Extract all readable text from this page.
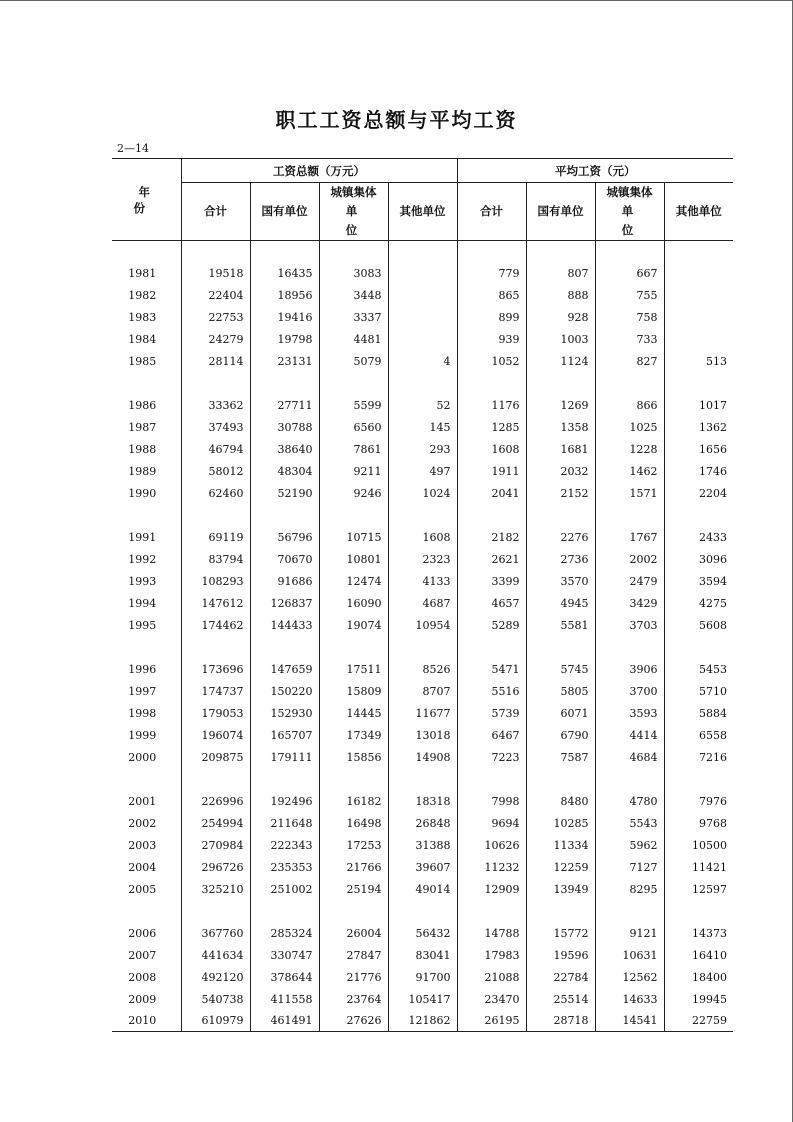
职工工资总额与平均工资
2—14
年 份	工资总额（万元）				平均工资（元）			
	合计	国有单位	城镇集体
单 位	其他单位	合计	国有单位	城镇集体
单 位	其他单位

1981	19518	16435	3083		779	807	667	
1982	22404	18956	3448		865	888	755	
1983	22753	19416	3337		899	928	758	
1984	24279	19798	4481		939	1003	733	
1985	28114	23131	5079	4	1052	1124	827	513

1986	33362	27711	5599	52	1176	1269	866	1017
1987	37493	30788	6560	145	1285	1358	1025	1362
1988	46794	38640	7861	293	1608	1681	1228	1656
1989	58012	48304	9211	497	1911	2032	1462	1746
1990	62460	52190	9246	1024	2041	2152	1571	2204

1991	69119	56796	10715	1608	2182	2276	1767	2433
1992	83794	70670	10801	2323	2621	2736	2002	3096
1993	108293	91686	12474	4133	3399	3570	2479	3594
1994	147612	126837	16090	4687	4657	4945	3429	4275
1995	174462	144433	19074	10954	5289	5581	3703	5608

1996	173696	147659	17511	8526	5471	5745	3906	5453
1997	174737	150220	15809	8707	5516	5805	3700	5710
1998	179053	152930	14445	11677	5739	6071	3593	5884
1999	196074	165707	17349	13018	6467	6790	4414	6558
2000	209875	179111	15856	14908	7223	7587	4684	7216

2001	226996	192496	16182	18318	7998	8480	4780	7976
2002	254994	211648	16498	26848	9694	10285	5543	9768
2003	270984	222343	17253	31388	10626	11334	5962	10500
2004	296726	235353	21766	39607	11232	12259	7127	11421
2005	325210	251002	25194	49014	12909	13949	8295	12597

2006	367760	285324	26004	56432	14788	15772	9121	14373
2007	441634	330747	27847	83041	17983	19596	10631	16410
2008	492120	378644	21776	91700	21088	22784	12562	18400
2009	540738	411558	23764	105417	23470	25514	14633	19945
2010	610979	461491	27626	121862	26195	28718	14541	22759
